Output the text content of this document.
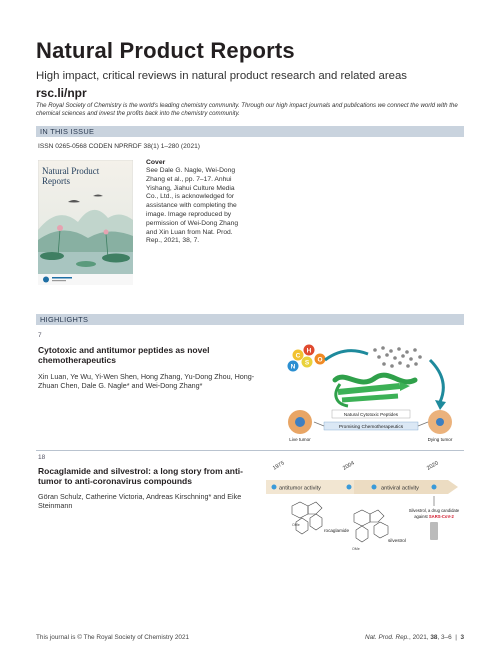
Natural Product Reports
High impact, critical reviews in natural product research and related areas
rsc.li/npr
The Royal Society of Chemistry is the world's leading chemistry community. Through our high impact journals and publications we connect the world with the chemical sciences and invest the profits back into the chemistry community.
IN THIS ISSUE
ISSN 0265-0568 CODEN NPRRDF 38(1) 1–280 (2021)
Natural Product
Reports
Cover
See Dale G. Nagle, Wei-Dong Zhang et al., pp. 7–17. Anhui Yishang, Jiahui Culture Media Co., Ltd., is acknowledged for assistance with completing the image. Image reproduced by permission of Wei-Dong Zhang and Xin Luan from Nat. Prod. Rep., 2021, 38, 7.
HIGHLIGHTS
7
Cytotoxic and antitumor peptides as novel chemotherapeutics
Xin Luan, Ye Wu, Yi-Wen Shen, Hong Zhang, Yu-Dong Zhou, Hong-Zhuan Chen, Dale G. Nagle* and Wei-Dong Zhang*
C
H
S
N
O
Natural Cytotoxic Peptides
Promising Chemotherapeutics
Live tumor	Dying tumor
18
Rocaglamide and silvestrol: a long story from anti-tumor to anti-coronavirus compounds
Göran Schulz, Catherine Victoria, Andreas Kirschning* and Eike Steinmann
1975	2004	2020
antitumor activity	antiviral activity
OMe
OMe
rocaglamide
silvestrol
Silvestrol, a drug candidate
against SARS-CoV-2
This journal is © The Royal Society of Chemistry 2021	Nat. Prod. Rep., 2021, 38, 3–6  |  3
